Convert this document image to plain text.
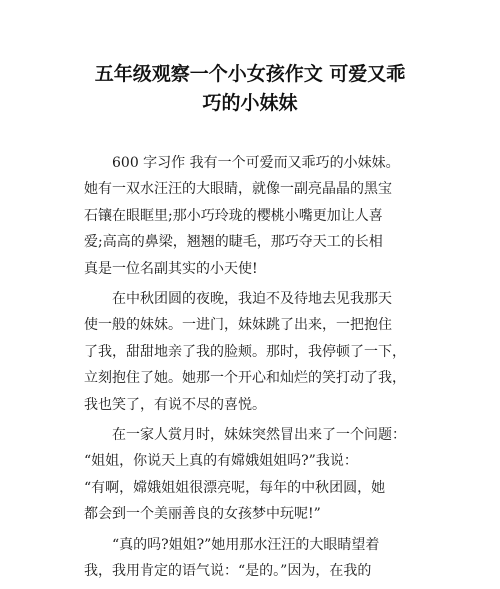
五年级观察一个小女孩作文 可爱又乖
巧的小妹妹

600 字习作 我有一个可爱而又乖巧的小妹妹。
她有一双水汪汪的大眼睛，就像一副亮晶晶的黑宝
石镶在眼眶里;那小巧玲珑的樱桃小嘴更加让人喜
爱;高高的鼻梁，翘翘的睫毛，那巧夺天工的长相
真是一位名副其实的小天使!

在中秋团圆的夜晚，我迫不及待地去见我那天
使一般的妹妹。一进门，妹妹跳了出来，一把抱住
了我，甜甜地亲了我的脸颊。那时，我停顿了一下，
立刻抱住了她。她那一个开心和灿烂的笑打动了我，
我也笑了，有说不尽的喜悦。

在一家人赏月时，妹妹突然冒出来了一个问题：
“姐姐，你说天上真的有嫦娥姐姐吗?”我说：
“有啊，嫦娥姐姐很漂亮呢，每年的中秋团圆，她
都会到一个美丽善良的女孩梦中玩呢!”

“真的吗?姐姐?”她用那水汪汪的大眼睛望着
我，我用肯定的语气说：“是的。”因为，在我的
